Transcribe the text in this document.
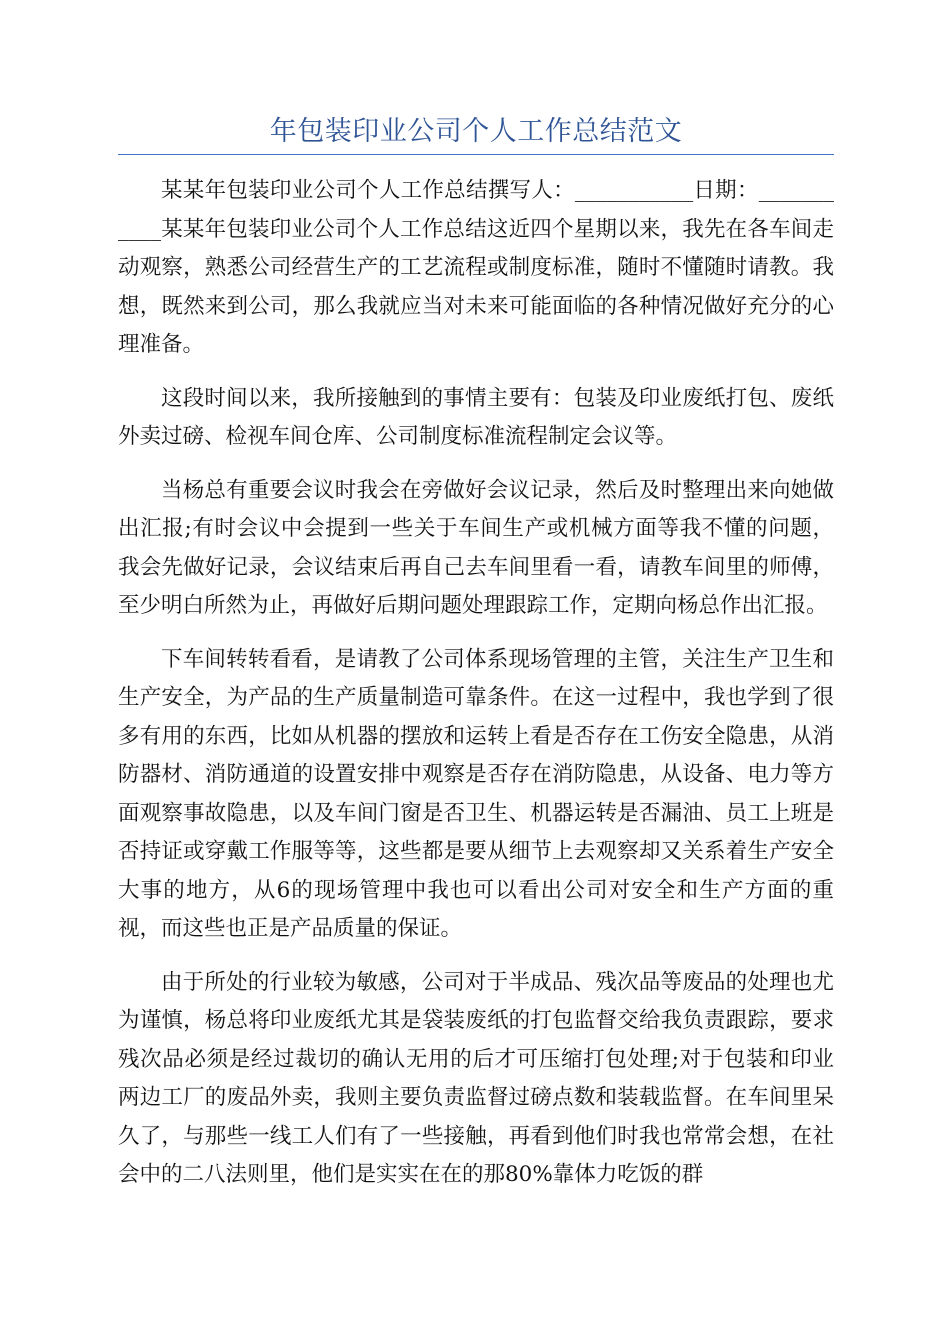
年包装印业公司个人工作总结范文

某某年包装印业公司个人工作总结撰写人：___________日期：___________某某年包装印业公司个人工作总结这近四个星期以来，我先在各车间走动观察，熟悉公司经营生产的工艺流程或制度标准，随时不懂随时请教。我想，既然来到公司，那么我就应当对未来可能面临的各种情况做好充分的心理准备。

这段时间以来，我所接触到的事情主要有：包装及印业废纸打包、废纸外卖过磅、检视车间仓库、公司制度标准流程制定会议等。

当杨总有重要会议时我会在旁做好会议记录，然后及时整理出来向她做出汇报;有时会议中会提到一些关于车间生产或机械方面等我不懂的问题，我会先做好记录，会议结束后再自己去车间里看一看，请教车间里的师傅，至少明白所然为止，再做好后期问题处理跟踪工作，定期向杨总作出汇报。

下车间转转看看，是请教了公司体系现场管理的主管，关注生产卫生和生产安全，为产品的生产质量制造可靠条件。在这一过程中，我也学到了很多有用的东西，比如从机器的摆放和运转上看是否存在工伤安全隐患，从消防器材、消防通道的设置安排中观察是否存在消防隐患，从设备、电力等方面观察事故隐患，以及车间门窗是否卫生、机器运转是否漏油、员工上班是否持证或穿戴工作服等等，这些都是要从细节上去观察却又关系着生产安全大事的地方，从6的现场管理中我也可以看出公司对安全和生产方面的重视，而这些也正是产品质量的保证。

由于所处的行业较为敏感，公司对于半成品、残次品等废品的处理也尤为谨慎，杨总将印业废纸尤其是袋装废纸的打包监督交给我负责跟踪，要求残次品必须是经过裁切的确认无用的后才可压缩打包处理;对于包装和印业两边工厂的废品外卖，我则主要负责监督过磅点数和装载监督。在车间里呆久了，与那些一线工人们有了一些接触，再看到他们时我也常常会想，在社会中的二八法则里，他们是实实在在的那80%靠体力吃饭的群
